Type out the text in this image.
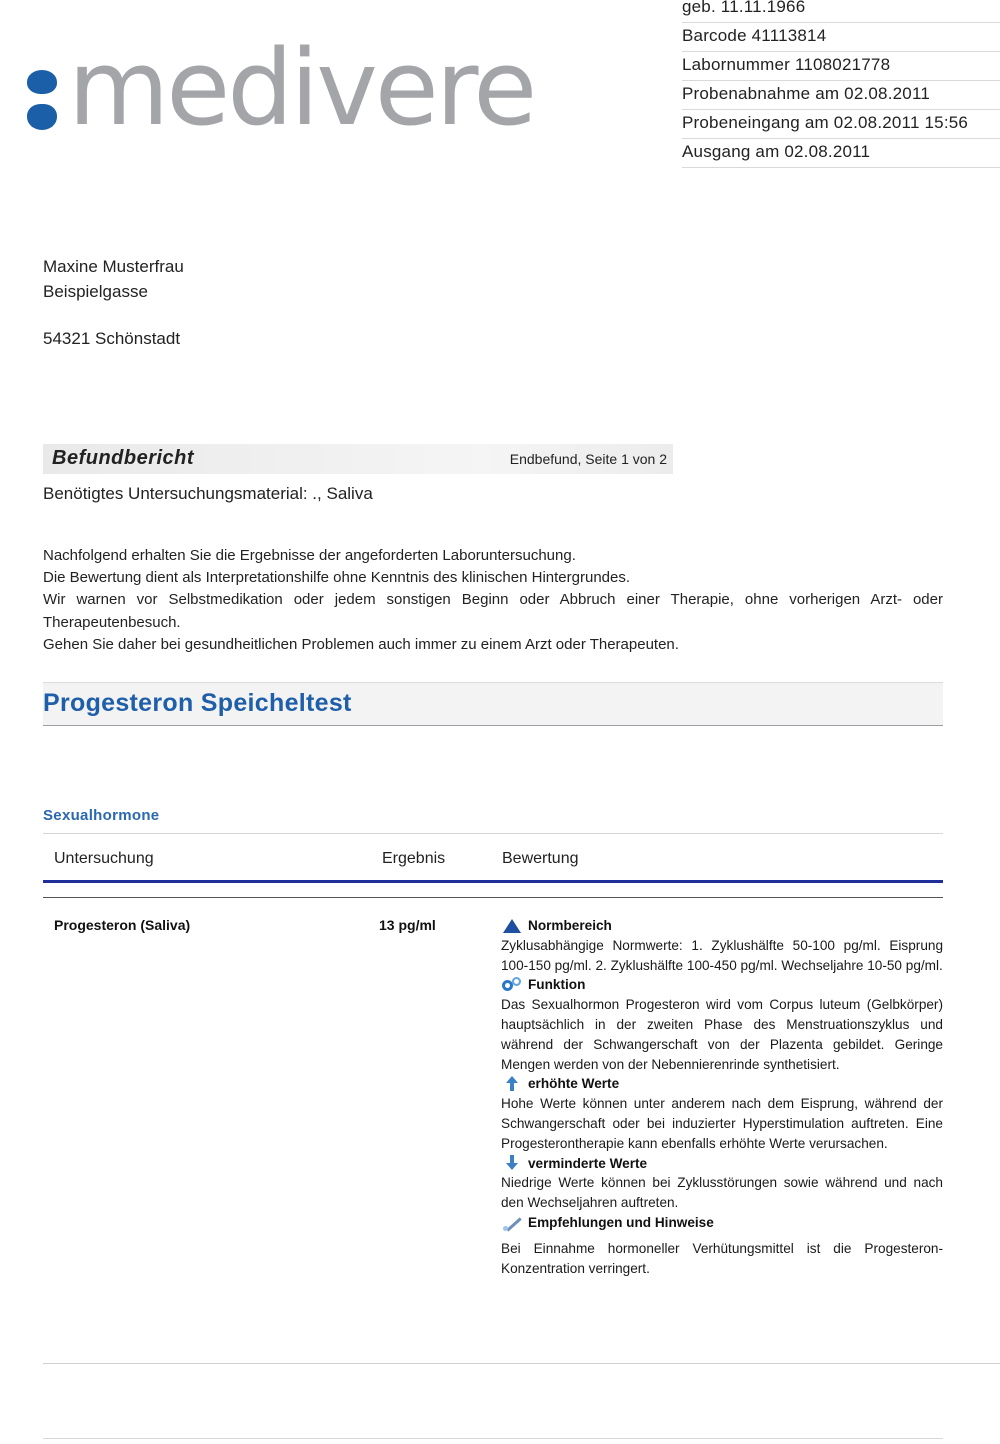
medivere
geb. 11.11.1966
Barcode 41113814
Labornummer 1108021778
Probenabnahme am 02.08.2011
Probeneingang am 02.08.2011 15:56
Ausgang am 02.08.2011
Maxine Musterfrau
Beispielgasse
54321 Schönstadt
Befundbericht	Endbefund, Seite 1 von 2
Benötigtes Untersuchungsmaterial: ., Saliva

Nachfolgend erhalten Sie die Ergebnisse der angeforderten Laboruntersuchung.

Die Bewertung dient als Interpretationshilfe ohne Kenntnis des klinischen Hintergrundes.

Wir warnen vor Selbstmedikation oder jedem sonstigen Beginn oder Abbruch einer Therapie, ohne vorherigen Arzt- oder Therapeutenbesuch.

Gehen Sie daher bei gesundheitlichen Problemen auch immer zu einem Arzt oder Therapeuten.

Progesteron Speicheltest
Sexualhormone
Untersuchung	Ergebnis	Bewertung
Progesteron (Saliva)	13 pg/ml	Normbereich
Zyklusabhängige Normwerte: 1. Zyklushälfte 50-100 pg/ml. Eisprung 100-150 pg/ml. 2. Zyklushälfte 100-450 pg/ml. Wechseljahre 10-50 pg/ml.
Funktion
Das Sexualhormon Progesteron wird vom Corpus luteum (Gelbkörper) hauptsächlich in der zweiten Phase des Menstruationszyklus und während der Schwangerschaft von der Plazenta gebildet. Geringe Mengen werden von der Nebennierenrinde synthetisiert.
erhöhte Werte
Hohe Werte können unter anderem nach dem Eisprung, während der Schwangerschaft oder bei induzierter Hyperstimulation auftreten. Eine Progesterontherapie kann ebenfalls erhöhte Werte verursachen.
verminderte Werte
Niedrige Werte können bei Zyklusstörungen sowie während und nach den Wechseljahren auftreten.
Empfehlungen und Hinweise
Bei Einnahme hormoneller Verhütungsmittel ist die Progesteron-Konzentration verringert.
